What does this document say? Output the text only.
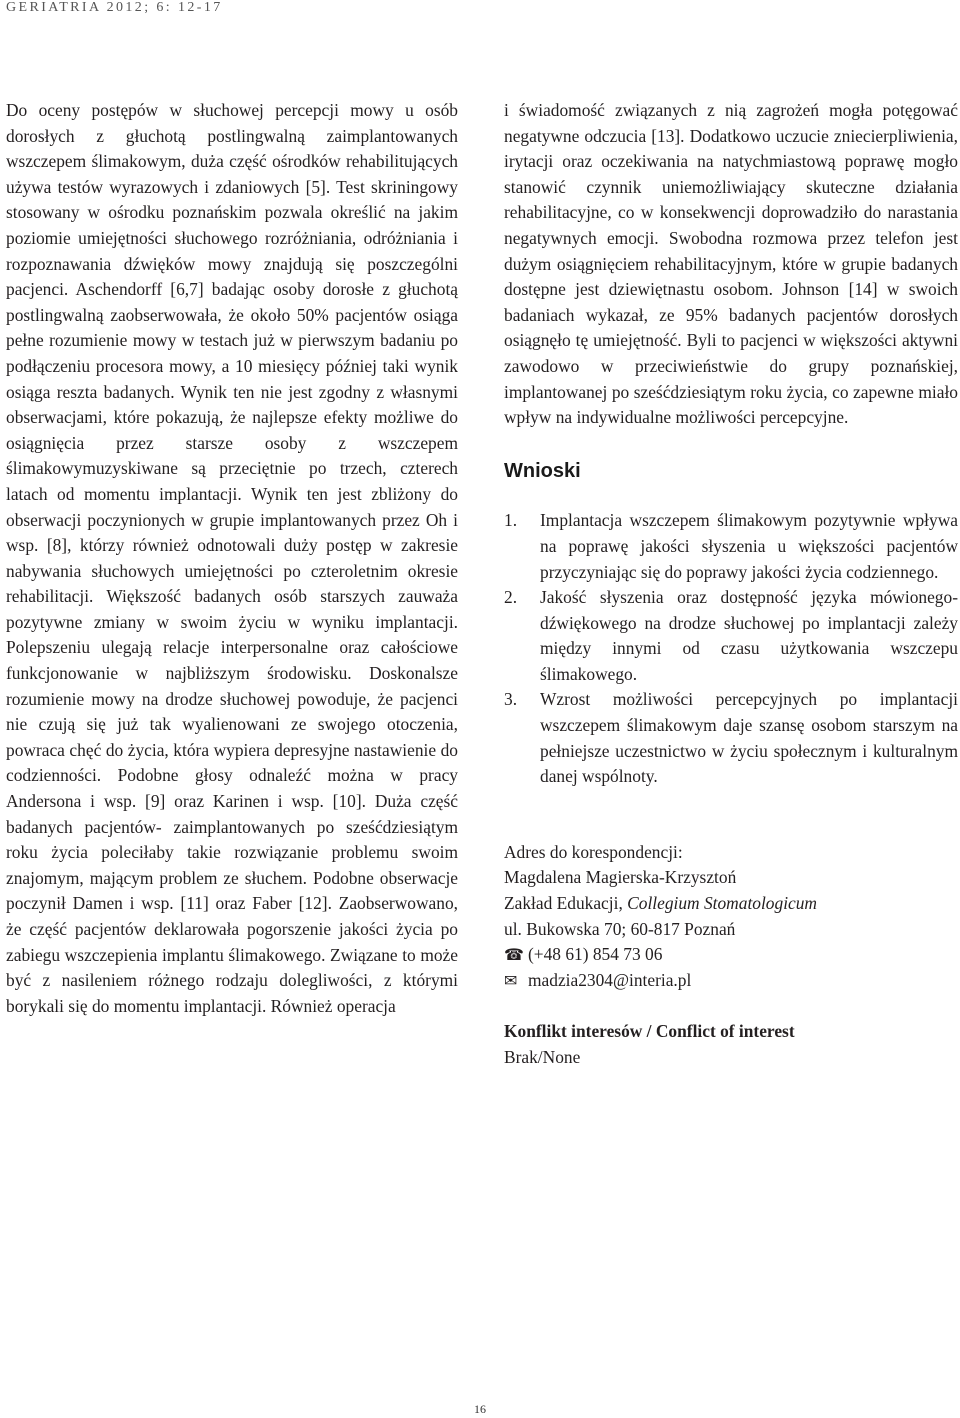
GERIATRIA 2012; 6: 12-17

Do oceny postępów w słuchowej percepcji mowy u osób dorosłych z głuchotą postlingwalną zaimplantowanych wszczepem ślimakowym, duża część ośrodków rehabilitujących używa testów wyrazowych i zdaniowych [5]. Test skriningowy stosowany w ośrodku poznańskim pozwala określić na jakim poziomie umiejętności słuchowego rozróżniania, odróżniania i rozpoznawania dźwięków mowy znajdują się poszczególni pacjenci. Aschendorff [6,7] badając osoby dorosłe z głuchotą postlingwalną zaobserwowała, że około 50% pacjentów osiąga pełne rozumienie mowy w testach już w pierwszym badaniu po podłączeniu procesora mowy, a 10 miesięcy później taki wynik osiąga reszta badanych. Wynik ten nie jest zgodny z własnymi obserwacjami, które pokazują, że najlepsze efekty możliwe do osiągnięcia przez starsze osoby z wszczepem ślimakowymuzyskiwane są przeciętnie po trzech, czterech latach od momentu implantacji. Wynik ten jest zbliżony do obserwacji poczynionych w grupie implantowanych przez Oh i wsp. [8], którzy również odnotowali duży postęp w zakresie nabywania słuchowych umiejętności po czteroletnim okresie rehabilitacji. Większość badanych osób starszych zauważa pozytywne zmiany w swoim życiu w wyniku implantacji. Polepszeniu ulegają relacje interpersonalne oraz całościowe funkcjonowanie w najbliższym środowisku. Doskonalsze rozumienie mowy na drodze słuchowej powoduje, że pacjenci nie czują się już tak wyalienowani ze swojego otoczenia, powraca chęć do życia, która wypiera depresyjne nastawienie do codzienności. Podobne głosy odnaleźć można w pracy Andersona i wsp. [9] oraz Karinen i wsp. [10]. Duża część badanych pacjentów- zaimplantowanych po sześćdziesiątym roku życia poleciłaby takie rozwiązanie problemu swoim znajomym, mającym problem ze słuchem. Podobne obserwacje poczynił Damen i wsp. [11] oraz Faber [12]. Zaobserwowano, że część pacjentów deklarowała pogorszenie jakości życia po zabiegu wszczepienia implantu ślimakowego. Związane to może być z nasileniem różnego rodzaju dolegliwości, z którymi borykali się do momentu implantacji. Również operacja

i świadomość związanych z nią zagrożeń mogła potęgować negatywne odczucia [13]. Dodatkowo uczucie zniecierpliwienia, irytacji oraz oczekiwania na natychmiastową poprawę mogło stanowić czynnik uniemożliwiający skuteczne działania rehabilitacyjne, co w konsekwencji doprowadziło do narastania negatywnych emocji. Swobodna rozmowa przez telefon jest dużym osiągnięciem rehabilitacyjnym, które w grupie badanych dostępne jest dziewiętnastu osobom. Johnson [14] w swoich badaniach wykazał, ze 95% badanych pacjentów dorosłych osiągnęło tę umiejętność. Byli to pacjenci w większości aktywni zawodowo w przeciwieństwie do grupy poznańskiej, implantowanej po sześćdziesiątym roku życia, co zapewne miało wpływ na indywidualne możliwości percepcyjne.

Wnioski
1.	Implantacja wszczepem ślimakowym pozytywnie wpływa na poprawę jakości słyszenia u większości pacjentów przyczyniając się do poprawy jakości życia codziennego.
2.	Jakość słyszenia oraz dostępność języka mówionego-dźwiękowego na drodze słuchowej po implantacji zależy między innymi od czasu użytkowania wszczepu ślimakowego.
3.	Wzrost możliwości percepcyjnych po implantacji wszczepem ślimakowym daje szansę osobom starszym na pełniejsze uczestnictwo w życiu społecznym i kulturalnym danej wspólnoty.
Adres do korespondencji:
Magdalena Magierska-Krzysztoń
Zakład Edukacji, Collegium Stomatologicum
ul. Bukowska 70; 60-817 Poznań
☎ (+48 61) 854 73 06
✉ madzia2304@interia.pl
Konflikt interesów / Conflict of interest
Brak/None
16
